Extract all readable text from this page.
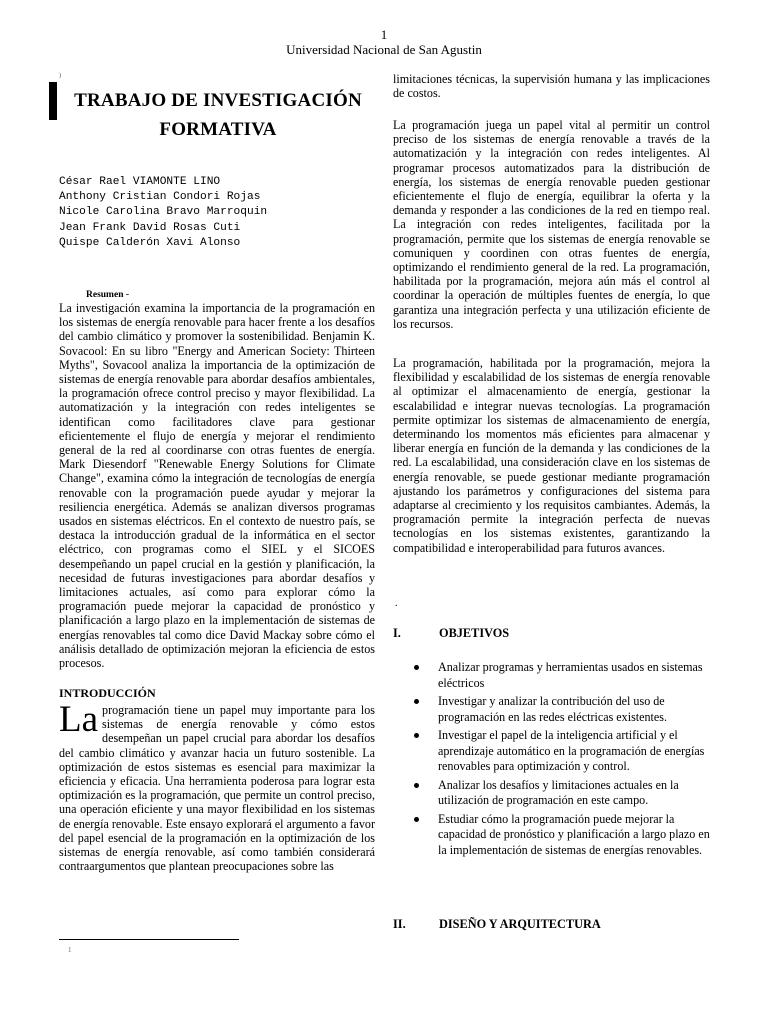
1
Universidad Nacional de San Agustin
)
TRABAJO DE INVESTIGACIÓN
FORMATIVA
César Rael VIAMONTE LINO
Anthony Cristian Condori Rojas
Nicole Carolina Bravo Marroquin
Jean Frank David Rosas Cuti
Quispe Calderón Xavi Alonso
Resumen -
La investigación examina la importancia de la programación en los sistemas de energía renovable para hacer frente a los desafíos del cambio climático y promover la sostenibilidad. Benjamin K. Sovacool: En su libro "Energy and American Society: Thirteen Myths", Sovacool analiza la importancia de la optimización de sistemas de energía renovable para abordar desafíos ambientales, la programación ofrece control preciso y mayor flexibilidad. La automatización y la integración con redes inteligentes se identifican como facilitadores clave para gestionar eficientemente el flujo de energía y mejorar el rendimiento general de la red al coordinarse con otras fuentes de energía. Mark Diesendorf "Renewable Energy Solutions for Climate Change", examina cómo la integración de tecnologías de energía renovable con la programación puede ayudar y mejorar la resiliencia energética. Además se analizan diversos programas usados en sistemas eléctricos. En el contexto de nuestro país, se destaca la introducción gradual de la informática en el sector eléctrico, con programas como el SIEL y el SICOES desempeñando un papel crucial en la gestión y planificación, la necesidad de futuras investigaciones para abordar desafíos y limitaciones actuales, así como para explorar cómo la programación puede mejorar la capacidad de pronóstico y planificación a largo plazo en la implementación de sistemas de energías renovables tal como dice David Mackay sobre cómo el análisis detallado de optimización mejoran la eficiencia de estos procesos.
INTRODUCCIÓN
La programación tiene un papel muy importante para los sistemas de energía renovable y cómo estos desempeñan un papel crucial para abordar los desafíos del cambio climático y avanzar hacia un futuro sostenible. La optimización de estos sistemas es esencial para maximizar la eficiencia y eficacia. Una herramienta poderosa para lograr esta optimización es la programación, que permite un control preciso, una operación eficiente y una mayor flexibilidad en los sistemas de energía renovable. Este ensayo explorará el argumento a favor del papel esencial de la programación en la optimización de los sistemas de energía renovable, así como también considerará contraargumentos que plantean preocupaciones sobre las
1
limitaciones técnicas, la supervisión humana y las implicaciones de costos.
La programación juega un papel vital al permitir un control preciso de los sistemas de energía renovable a través de la automatización y la integración con redes inteligentes. Al programar procesos automatizados para la distribución de energía, los sistemas de energía renovable pueden gestionar eficientemente el flujo de energía, equilibrar la oferta y la demanda y responder a las condiciones de la red en tiempo real. La integración con redes inteligentes, facilitada por la programación, permite que los sistemas de energía renovable se comuniquen y coordinen con otras fuentes de energía, optimizando el rendimiento general de la red. La programación, habilitada por la programación, mejora aún más el control al coordinar la operación de múltiples fuentes de energía, lo que garantiza una integración perfecta y una utilización eficiente de los recursos.
La programación, habilitada por la programación, mejora la flexibilidad y escalabilidad de los sistemas de energía renovable al optimizar el almacenamiento de energía, gestionar la escalabilidad e integrar nuevas tecnologías. La programación permite optimizar los sistemas de almacenamiento de energía, determinando los momentos más eficientes para almacenar y liberar energía en función de la demanda y las condiciones de la red. La escalabilidad, una consideración clave en los sistemas de energía renovable, se puede gestionar mediante programación ajustando los parámetros y configuraciones del sistema para adaptarse al crecimiento y los requisitos cambiantes. Además, la programación permite la integración perfecta de nuevas tecnologías en los sistemas existentes, garantizando la compatibilidad e interoperabilidad para futuros avances.
.
I.	OBJETIVOS
Analizar programas y herramientas usados en sistemas eléctricos
Investigar y analizar la contribución del uso de programación en las redes eléctricas existentes.
Investigar el papel de la inteligencia artificial y el aprendizaje automático en la programación de energías renovables para optimización y control.
Analizar los desafíos y limitaciones actuales en la utilización de programación en este campo.
Estudiar cómo la programación puede mejorar la capacidad de pronóstico y planificación a largo plazo en la implementación de sistemas de energías renovables.
II.	DISEÑO Y ARQUITECTURA
